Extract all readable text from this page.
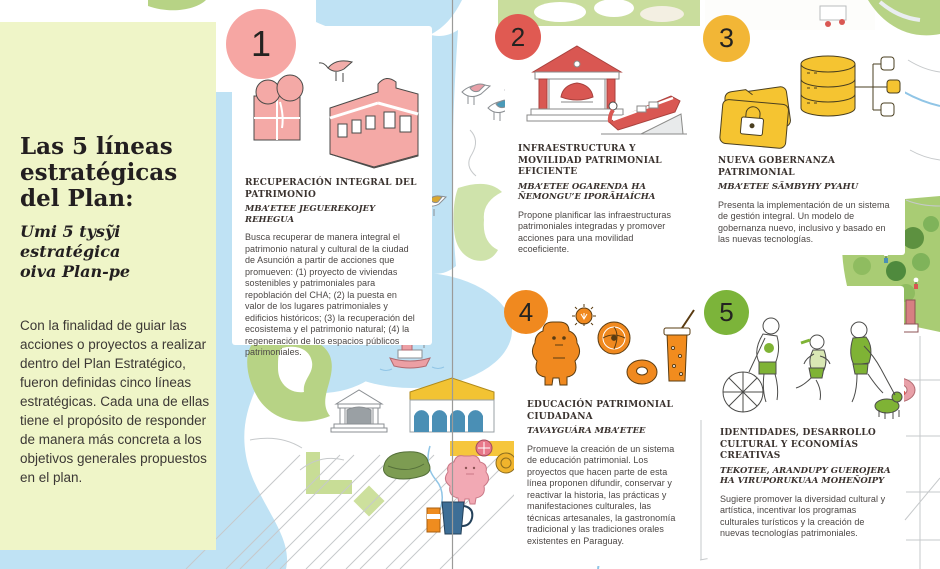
Las 5 líneas
estratégicas
del Plan:
Umi 5 tysỹi estratégica
oiva Plan-pe
Con la finalidad de guiar las acciones o proyectos a realizar dentro del Plan Estratégico, fueron definidas cinco líneas estratégicas. Cada una de ellas tiene el propósito de responder de manera más concreta a los objetivos generales propuestos en el plan.
RECUPERACIÓN INTEGRAL DEL PATRIMONIO
MBA’ETEE JEGUEREKOJEY REHEGUA
Busca recuperar de manera integral el patrimonio natural y cultural de la ciudad de Asunción a partir de acciones que promueven: (1) proyecto de viviendas sostenibles y patrimoniales para repoblación del CHA; (2) la puesta en valor de los lugares patrimoniales y edificios históricos; (3) la recuperación del ecosistema y el patrimonio natural; (4) la regeneración de los espacios públicos patrimoniales.
INFRAESTRUCTURA Y MOVILIDAD PATRIMONIAL EFICIENTE
MBA’ETEE OGARENDA HA ÑEMONGU’E IPORÃHAÍCHA
Propone planificar las infraestructuras patrimoniales integradas y promover acciones para una movilidad ecoeficiente.
NUEVA GOBERNANZA PATRIMONIAL
MBA’ETEE SÃMBYHY PYAHU
Presenta la implementación de un sistema de gestión integral. Un modelo de gobernanza nuevo, inclusivo y basado en las nuevas tecnologías.
EDUCACIÓN PATRIMONIAL CIUDADANA
TAVAYGUÁRA MBA’ETEE
Promueve la creación de un sistema de educación patrimonial. Los proyectos que hacen parte de esta línea proponen difundir, conservar y reactivar la historia, las prácticas y manifestaciones culturales, las técnicas artesanales, la gastronomía tradicional y las tradiciones orales existentes en Paraguay.
IDENTIDADES, DESARROLLO CULTURAL Y ECONOMÍAS CREATIVAS
TEKOTEE, ARANDUPY GUEROJERA HA VIRUPORUKUAA MOHEÑOIPY
Sugiere promover la diversidad cultural y artística, incentivar los programas culturales turísticos y la creación de nuevas tecnologías patrimoniales.
1	2	3
4	5
